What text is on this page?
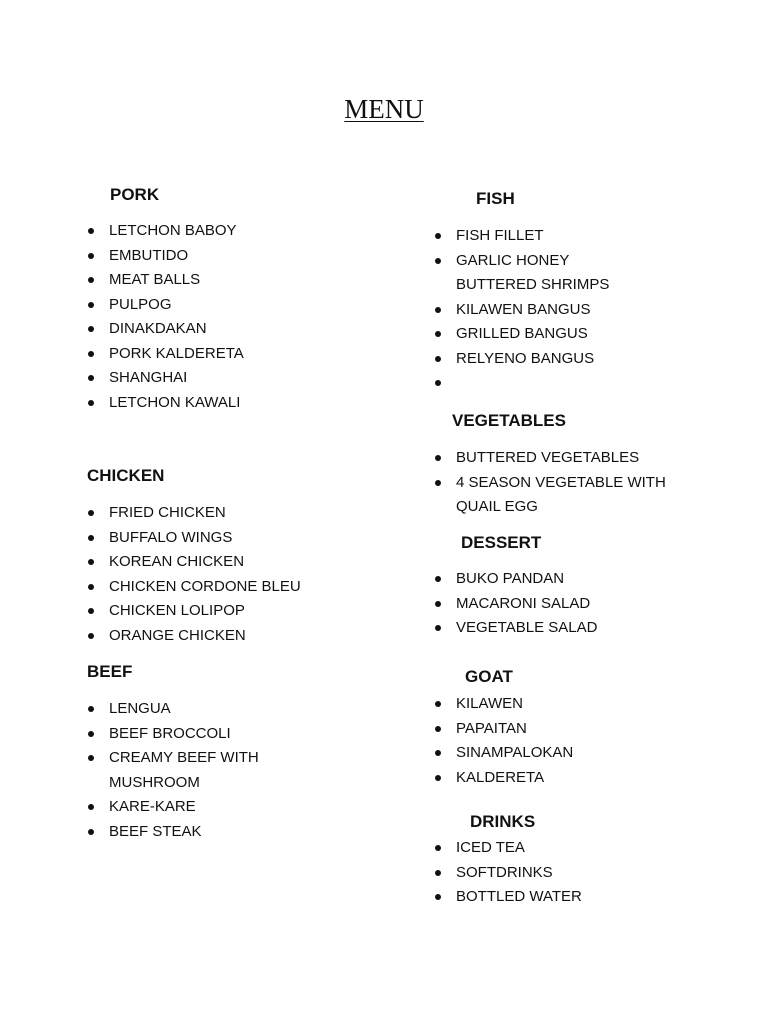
MENU
PORK
LETCHON BABOY
EMBUTIDO
MEAT BALLS
PULPOG
DINAKDAKAN
PORK KALDERETA
SHANGHAI
LETCHON KAWALI
CHICKEN
FRIED CHICKEN
BUFFALO WINGS
KOREAN CHICKEN
CHICKEN CORDONE BLEU
CHICKEN LOLIPOP
ORANGE CHICKEN
BEEF
LENGUA
BEEF BROCCOLI
CREAMY BEEF WITH MUSHROOM
KARE-KARE
BEEF STEAK
FISH
FISH FILLET
GARLIC HONEY BUTTERED SHRIMPS
KILAWEN BANGUS
GRILLED BANGUS
RELYENO BANGUS
VEGETABLES
BUTTERED VEGETABLES
4 SEASON VEGETABLE WITH QUAIL EGG
DESSERT
BUKO PANDAN
MACARONI SALAD
VEGETABLE SALAD
GOAT
KILAWEN
PAPAITAN
SINAMPALOKAN
KALDERETA
DRINKS
ICED TEA
SOFTDRINKS
BOTTLED WATER
